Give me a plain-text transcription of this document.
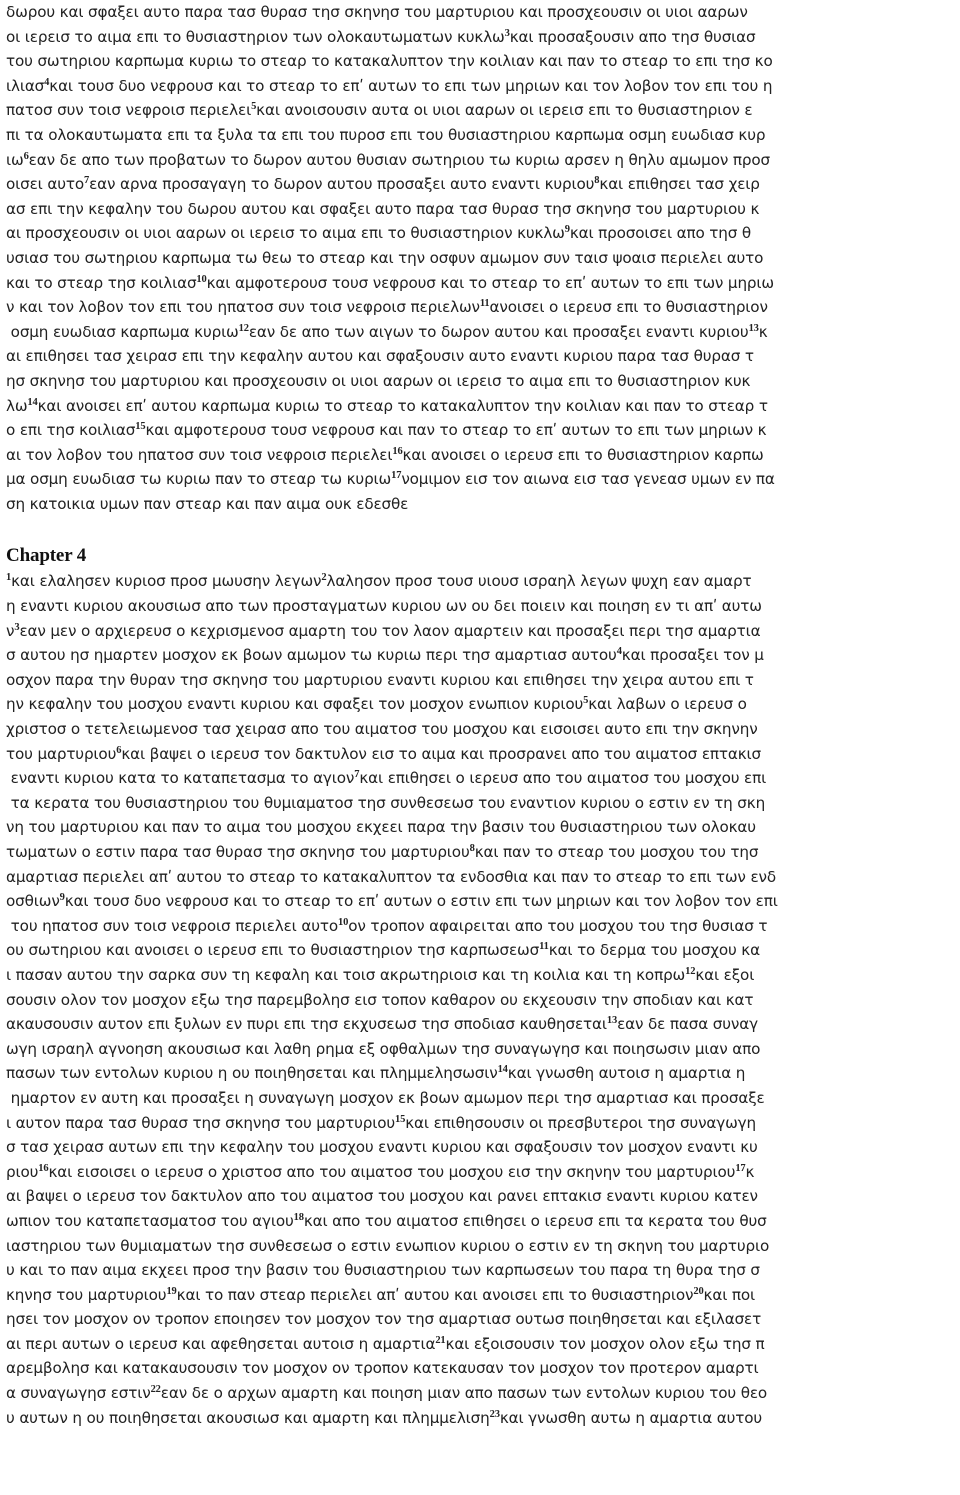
δωρου και σφαξει αυτο παρα τασ θυρασ τησ σκηνησ του μαρτυριου και προσχεουσιν οι υιοι ααρων
οι ιερεισ το αιμα επι το θυσιαστηριον των ολοκαυτωματων κυκλω$^3$και προσαξουσιν απο τησ θυσιασ
του σωτηριου καρπωμα κυριω το στεαρ το κατακαλυπτον την κοιλιαν και παν το στεαρ το επι τησ κο
ιλιασ$^4$και τουσ δυο νεφρουσ και το στεαρ το επʹ αυτων το επι των μηριων και τον λοβον τον επι του η
πατοσ συν τοισ νεφροισ περιελει$^5$και ανοισουσιν αυτα οι υιοι ααρων οι ιερεισ επι το θυσιαστηριον ε
πι τα ολοκαυτωματα επι τα ξυλα τα επι του πυροσ επι του θυσιαστηριου καρπωμα οσμη ευωδιασ κυρ
$\iota\omega^6\varepsilon\alpha\nu$ δε απο των προβατων το δωρον αυτου θυσιαν σωτηριου τω κυριω αρσεν η θηλυ αμωμον προσ
οισει αυτο$^7$εαν αρνα προσαγαγη το δωρον αυτου προσαξει αυτο εναντι κυριου$^8$και επιθησει τασ χειρ
ασ επι την κεφαλην του δωρου αυτου και σφαξει αυτο παρα τασ θυρασ τησ σκηνησ του μαρτυριου κ
αι προσχεουσιν οι υιοι ααρων οι ιερεισ το αιμα επι το θυσιαστηριον κυκλω$^9$και προσοισει απο τησ θ
υσιασ του σωτηριου καρπωμα τω θεω το στεαρ και την οσφυν αμωμον συν ταισ ψοαισ περιελει αυτο
και το στεαρ τησ κοιλιασ$^{10}$και αμφοτερουσ τουσ νεφρουσ και το στεαρ το επʹ αυτων το επι των μηριω
ν και τον λοβον τον επι του ηπατοσ συν τοισ νεφροισ περιελων$^{11}$ανοισει ο ιερευσ επι το θυσιαστηριον
οσμη ευωδιασ καρπωμα κυριω$^{12}$εαν δε απο των αιγων το δωρον αυτου και προσαξει εναντι κυριου$^{13}$κ
αι επιθησει τασ χειρασ επι την κεφαλην αυτου και σφαξουσιν αυτο εναντι κυριου παρα τασ θυρασ τ
ησ σκηνησ του μαρτυριου και προσχεουσιν οι υιοι ααρων οι ιερεισ το αιμα επι το θυσιαστηριον κυκ
$\lambda\omega^{14}\kappa\alpha\iota$ ανοισει επʹ αυτου καρπωμα κυριω το στεαρ το κατακαλυπτον την κοιλιαν και παν το στεαρ τ
ο επι τησ κοιλιασ$^{15}$και αμφοτερουσ τουσ νεφρουσ και παν το στεαρ το επʹ αυτων το επι των μηριων κ
αι τον λοβον του ηπατοσ συν τοισ νεφροισ περιελει$^{16}$και ανοισει ο ιερευσ επι το θυσιαστηριον καρπω
μα οσμη ευωδιασ τω κυριω παν το στεαρ τω κυριω$^{17}$νομιμον εισ τον αιωνα εισ τασ γενεασ υμων εν πα
ση κατοικια υμων παν στεαρ και παν αιμα ουκ εδεσθε
Chapter 4
$^1$και ελαλησεν κυριοσ προσ μωυσην λεγων$^2$λαλησον προσ τουσ υιουσ ισραηλ λεγων ψυχη εαν αμαρτ
η εναντι κυριου ακουσιωσ απο των προσταγματων κυριου ων ου δει ποιειν και ποιηση εν τι απʹ αυτω
$\nu^3\varepsilon\alpha\nu$ μεν ο αρχιερευσ ο κεχρισμενοσ αμαρτη του τον λαον αμαρτειν και προσαξει περι τησ αμαρτια
σ αυτου ησ ημαρτεν μοσχον εκ βοων αμωμον τω κυριω περι τησ αμαρτιασ αυτου$^4$και προσαξει τον μ
οσχον παρα την θυραν τησ σκηνησ του μαρτυριου εναντι κυριου και επιθησει την χειρα αυτου επι τ
ην κεφαλην του μοσχου εναντι κυριου και σφαξει τον μοσχον ενωπιον κυριου$^5$και λαβων ο ιερευσ ο
χριστοσ ο τετελειωμενοσ τασ χειρασ απο του αιματοσ του μοσχου και εισοισει αυτο επι την σκηνην
του μαρτυριου$^6$και βαψει ο ιερευσ τον δακτυλον εισ το αιμα και προσρανει απο του αιματοσ επτακισ
εναντι κυριου κατα το καταπετασμα το αγιον$^7$και επιθησει ο ιερευσ απο του αιματοσ του μοσχου επι
τα κερατα του θυσιαστηριου του θυμιαματοσ τησ συνθεσεωσ του εναντιον κυριου ο εστιν εν τη σκη
νη του μαρτυριου και παν το αιμα του μοσχου εκχεει παρα την βασιν του θυσιαστηριου των ολοκαυ
τωματων ο εστιν παρα τασ θυρασ τησ σκηνησ του μαρτυριου$^8$και παν το στεαρ του μοσχου του τησ
αμαρτιασ περιελει απʹ αυτου το στεαρ το κατακαλυπτον τα ενδοσθια και παν το στεαρ το επι των ενδ
οσθιων$^9$και τουσ δυο νεφρουσ και το στεαρ το επʹ αυτων ο εστιν επι των μηριων και τον λοβον τον επι
του ηπατοσ συν τοισ νεφροισ περιελει αυτο$^{10}$ον τροπον αφαιρειται απο του μοσχου του τησ θυσιασ τ
ου σωτηριου και ανοισει ο ιερευσ επι το θυσιαστηριον τησ καρπωσεωσ$^{11}$και το δερμα του μοσχου κα
ι πασαν αυτου την σαρκα συν τη κεφαλη και τοισ ακρωτηριοισ και τη κοιλια και τη κοπρω$^{12}$και εξοι
σουσιν ολον τον μοσχον εξω τησ παρεμβολησ εισ τοπον καθαρον ου εκχεουσιν την σποδιαν και κατ
ακαυσουσιν αυτον επι ξυλων εν πυρι επι τησ εκχυσεωσ τησ σποδιασ καυθησεται$^{13}$εαν δε πασα συναγ
ωγη ισραηλ αγνοηση ακουσιωσ και λαθη ρημα εξ οφθαλμων τησ συναγωγησ και ποιησωσιν μιαν απο
πασων των εντολων κυριου η ου ποιηθησεται και πλημμελησωσιν$^{14}$και γνωσθη αυτοισ η αμαρτια η
ημαρτον εν αυτη και προσαξει η συναγωγη μοσχον εκ βοων αμωμον περι τησ αμαρτιασ και προσαξε
ι αυτον παρα τασ θυρασ τησ σκηνησ του μαρτυριου$^{15}$και επιθησουσιν οι πρεσβυτεροι τησ συναγωγη
σ τασ χειρασ αυτων επι την κεφαλην του μοσχου εναντι κυριου και σφαξουσιν τον μοσχον εναντι κυ
ριου$^{16}$και εισοισει ο ιερευσ ο χριστοσ απο του αιματοσ του μοσχου εισ την σκηνην του μαρτυριου$^{17}$κ
αι βαψει ο ιερευσ τον δακτυλον απο του αιματοσ του μοσχου και ρανει επτακισ εναντι κυριου κατεν
ωπιον του καταπετασματοσ του αγιου$^{18}$και απο του αιματοσ επιθησει ο ιερευσ επι τα κερατα του θυσ
ιαστηριου των θυμιαματων τησ συνθεσεωσ ο εστιν ενωπιον κυριου ο εστιν εν τη σκηνη του μαρτυριο
υ και το παν αιμα εκχεει προσ την βασιν του θυσιαστηριου των καρπωσεων του παρα τη θυρα τησ σ
κηνησ του μαρτυριου$^{19}$και το παν στεαρ περιελει απʹ αυτου και ανοισει επι το θυσιαστηριον$^{20}$και ποι
ησει τον μοσχον ον τροπον εποιησεν τον μοσχον τον τησ αμαρτιασ ουτωσ ποιηθησεται και εξιλασετ
αι περι αυτων ο ιερευσ και αφεθησεται αυτοισ η αμαρτια$^{21}$και εξοισουσιν τον μοσχον ολον εξω τησ π
αρεμβολησ και κατακαυσουσιν τον μοσχον ον τροπον κατεκαυσαν τον μοσχον τον προτερον αμαρτι
α συναγωγησ εστιν$^{22}$εαν δε ο αρχων αμαρτη και ποιηση μιαν απο πασων των εντολων κυριου του θεο
υ αυτων η ου ποιηθησεται ακουσιωσ και αμαρτη και πλημμελιση$^{23}$και γνωσθη αυτω η αμαρτια αυτου
